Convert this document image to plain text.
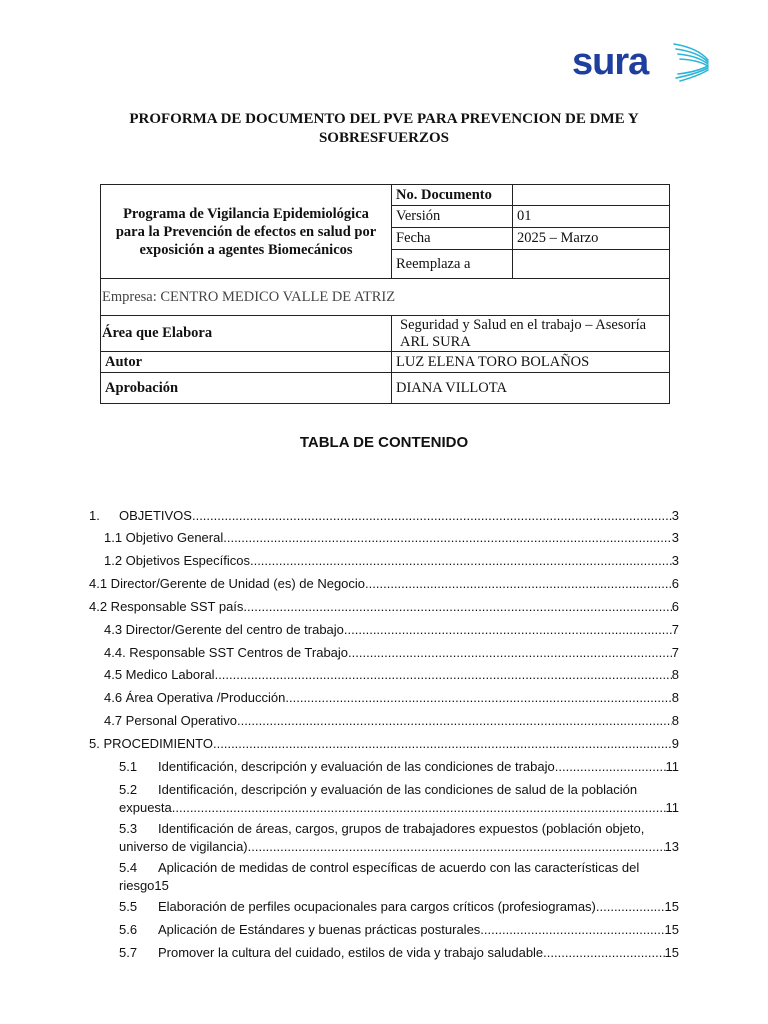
sura
PROFORMA DE DOCUMENTO DEL PVE PARA PREVENCION DE DME Y
SOBRESFUERZOS
Programa de Vigilancia Epidemiológica para la Prevención de efectos en salud por exposición a agentes Biomecánicos	No. Documento	
	Versión	01
	Fecha	2025 – Marzo
	Reemplaza a	
Empresa: CENTRO MEDICO VALLE DE ATRIZ		
Área que Elabora	Seguridad y Salud en el trabajo – Asesoría ARL SURA	
Autor	LUZ ELENA TORO BOLAÑOS	
Aprobación	DIANA VILLOTA	
TABLA DE CONTENIDO
1. OBJETIVOS .....	3
1.1 Objetivo General .....	3
1.2 Objetivos Específicos .....	3
4.1 Director/Gerente de Unidad (es) de Negocio .....	6
4.2 Responsable SST país .....	6
4.3 Director/Gerente del centro de trabajo .....	7
4.4. Responsable SST Centros de Trabajo .....	7
4.5 Medico Laboral .....	8
4.6 Área Operativa /Producción .....	8
4.7 Personal Operativo .....	8
5. PROCEDIMIENTO .....	9
5.1 Identificación, descripción y evaluación de las condiciones de trabajo .....	11
5.2 Identificación, descripción y evaluación de las condiciones de salud de la población
expuesta .....	11
5.3 Identificación de áreas, cargos, grupos de trabajadores expuestos (población objeto,
universo de vigilancia) .....	13
5.4 Aplicación de medidas de control específicas de acuerdo con las características del
riesgo15
5.5 Elaboración de perfiles ocupacionales para cargos críticos (profesiogramas) .....	15
5.6 Aplicación de Estándares y buenas prácticas posturales .....	15
5.7 Promover la cultura del cuidado, estilos de vida y trabajo saludable .....	15
